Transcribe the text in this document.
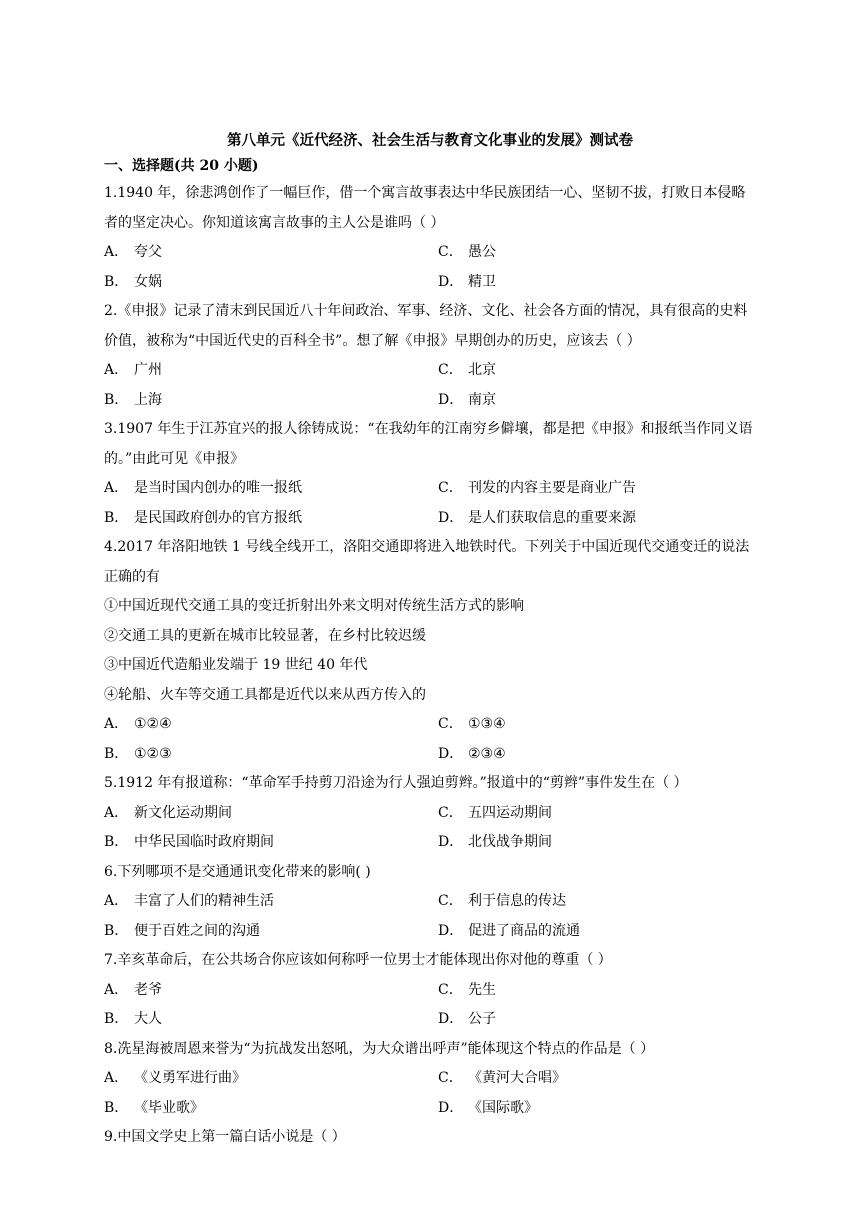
第八单元《近代经济、社会生活与教育文化事业的发展》测试卷
一、选择题(共 20 小题)
1.1940 年，徐悲鸿创作了一幅巨作，借一个寓言故事表达中华民族团结一心、坚韧不拔，打败日本侵略者的坚定决心。你知道该寓言故事的主人公是谁吗（ ）
A． 夸父	C． 愚公
B． 女娲	D． 精卫
2.《申报》记录了清末到民国近八十年间政治、军事、经济、文化、社会各方面的情况，具有很高的史料价值，被称为“中国近代史的百科全书”。想了解《申报》早期创办的历史，应该去（ ）
A． 广州	C． 北京
B． 上海	D． 南京
3.1907 年生于江苏宜兴的报人徐铸成说：“在我幼年的江南穷乡僻壤，都是把《申报》和报纸当作同义语的。”由此可见《申报》
A． 是当时国内创办的唯一报纸	C． 刊发的内容主要是商业广告
B． 是民国政府创办的官方报纸	D． 是人们获取信息的重要来源
4.2017 年洛阳地铁 1 号线全线开工，洛阳交通即将进入地铁时代。下列关于中国近现代交通变迁的说法正确的有
①中国近现代交通工具的变迁折射出外来文明对传统生活方式的影响
②交通工具的更新在城市比较显著，在乡村比较迟缓
③中国近代造船业发端于 19 世纪 40 年代
④轮船、火车等交通工具都是近代以来从西方传入的
A． ①②④	C． ①③④
B． ①②③	D． ②③④
5.1912 年有报道称：“革命军手持剪刀沿途为行人强迫剪辫。”报道中的“剪辫”事件发生在（ ）
A． 新文化运动期间	C． 五四运动期间
B． 中华民国临时政府期间	D． 北伐战争期间
6.下列哪项不是交通通讯变化带来的影响( )
A． 丰富了人们的精神生活	C． 利于信息的传达
B． 便于百姓之间的沟通	D． 促进了商品的流通
7.辛亥革命后，在公共场合你应该如何称呼一位男士才能体现出你对他的尊重（ ）
A． 老爷	C． 先生
B． 大人	D． 公子
8.冼星海被周恩来誉为“为抗战发出怒吼，为大众谱出呼声”能体现这个特点的作品是（ ）
A． 《义勇军进行曲》	C． 《黄河大合唱》
B． 《毕业歌》	D． 《国际歌》
9.中国文学史上第一篇白话小说是（ ）
